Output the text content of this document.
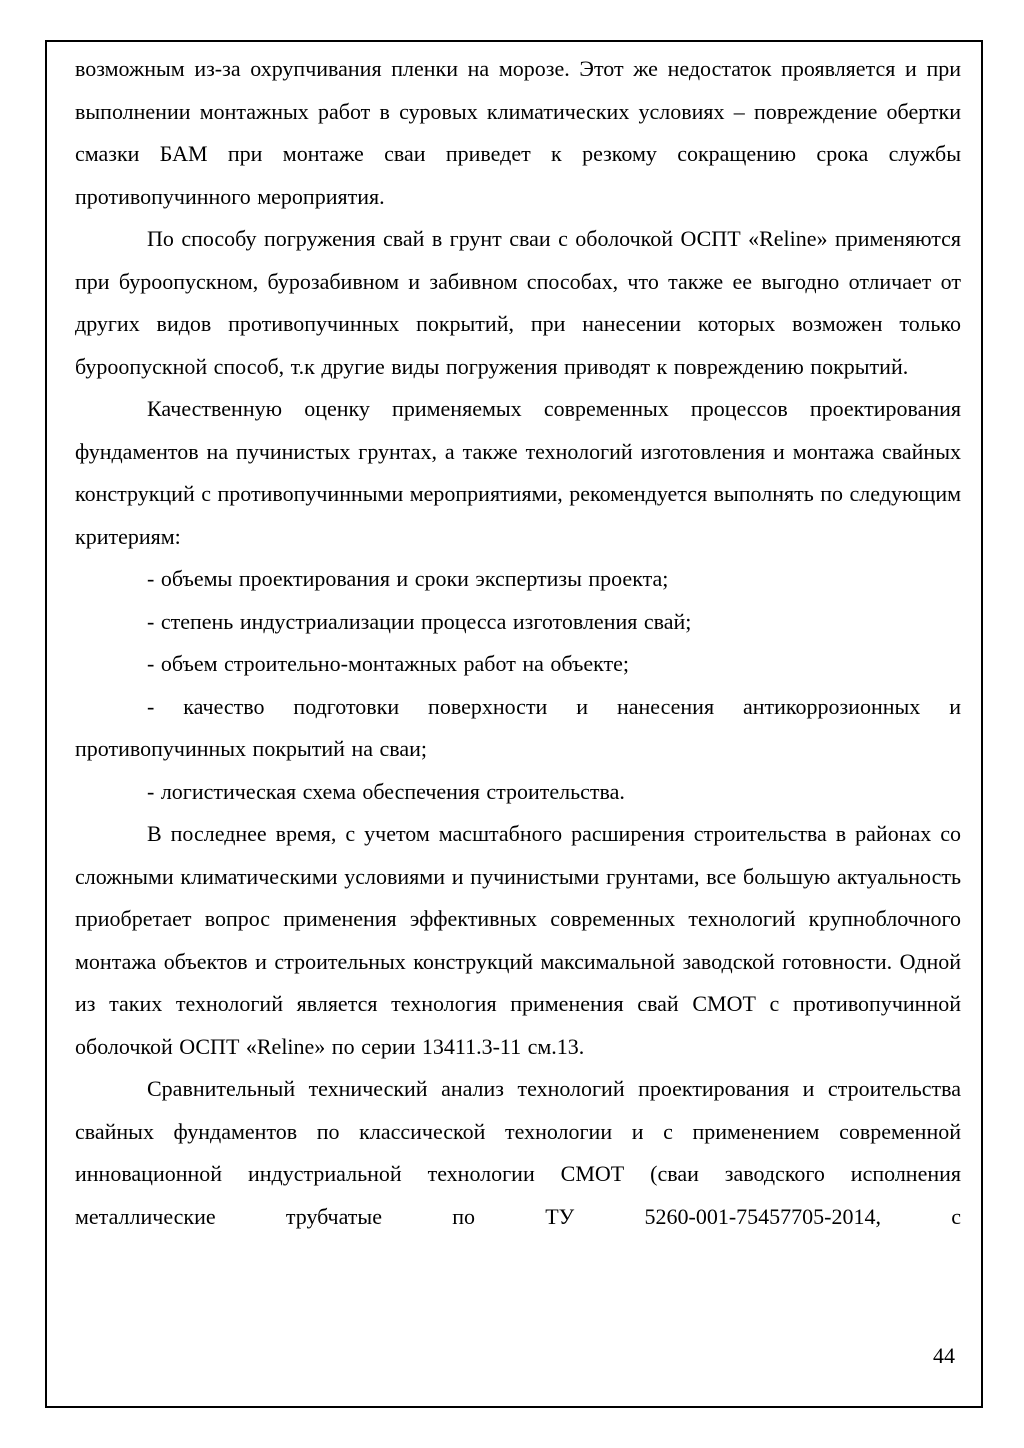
возможным из-за охрупчивания пленки на морозе. Этот же недостаток проявляется и при выполнении монтажных работ в суровых климатических условиях – повреждение обертки смазки БАМ при монтаже сваи приведет к резкому сокращению срока службы противопучинного мероприятия.

По способу погружения свай в грунт сваи с оболочкой ОСПТ «Reline» применяются при буроопускном, бурозабивном и забивном способах, что также ее выгодно отличает от других видов противопучинных покрытий, при нанесении которых возможен только буроопускной способ, т.к другие виды погружения приводят к повреждению покрытий.

Качественную оценку применяемых современных процессов проектирования фундаментов на пучинистых грунтах, а также технологий изготовления и монтажа свайных конструкций с противопучинными мероприятиями, рекомендуется выполнять по следующим критериям:

- объемы проектирования и сроки экспертизы проекта;

- степень индустриализации процесса изготовления свай;

- объем строительно-монтажных работ на объекте;

- качество подготовки поверхности и нанесения антикоррозионных и противопучинных покрытий на сваи;

- логистическая схема обеспечения строительства.

В последнее время, с учетом масштабного расширения строительства в районах со сложными климатическими условиями и пучинистыми грунтами, все большую актуальность приобретает вопрос применения эффективных современных технологий крупноблочного монтажа объектов и строительных конструкций максимальной заводской готовности. Одной из таких технологий является технология применения свай СМОТ с противопучинной оболочкой ОСПТ «Reline» по серии 13411.3-11 см.13.

Сравнительный технический анализ технологий проектирования и строительства свайных фундаментов по классической технологии и с применением современной инновационной индустриальной технологии СМОТ (сваи заводского исполнения металлические трубчатые по ТУ 5260-001-75457705-2014, с

44
